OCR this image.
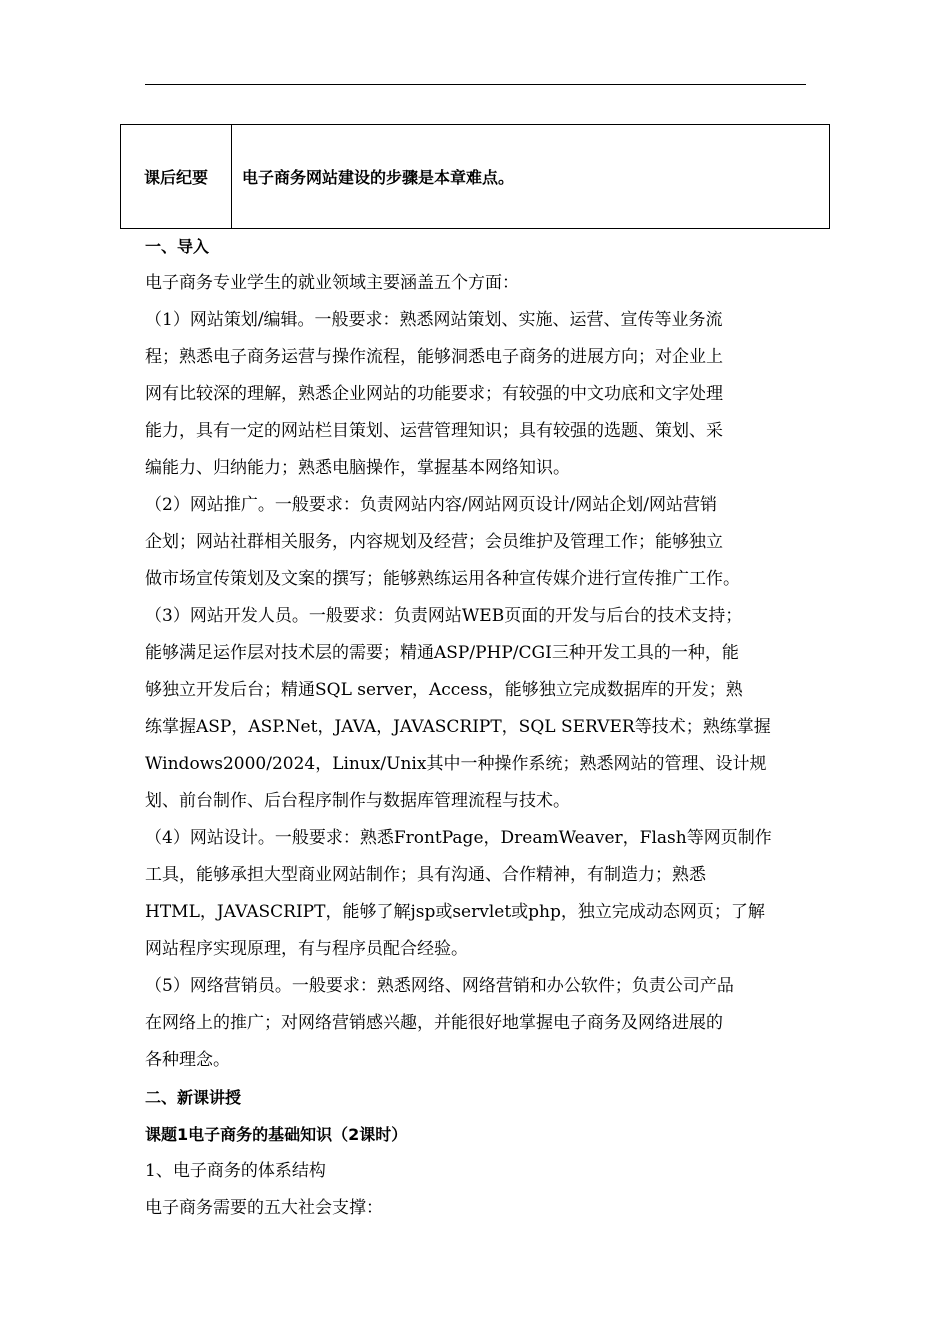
课后纪要	电子商务网站建设的步骤是本章难点。

一、导入

电子商务专业学生的就业领域主要涵盖五个方面：

（1）网站策划/编辑。一般要求：熟悉网站策划、实施、运营、宣传等业务流

程；熟悉电子商务运营与操作流程，能够洞悉电子商务的进展方向；对企业上

网有比较深的理解，熟悉企业网站的功能要求；有较强的中文功底和文字处理

能力，具有一定的网站栏目策划、运营管理知识；具有较强的选题、策划、采

编能力、归纳能力；熟悉电脑操作，掌握基本网络知识。

（2）网站推广。一般要求：负责网站内容/网站网页设计/网站企划/网站营销

企划；网站社群相关服务，内容规划及经营；会员维护及管理工作；能够独立

做市场宣传策划及文案的撰写；能够熟练运用各种宣传媒介进行宣传推广工作。

（3）网站开发人员。一般要求：负责网站WEB页面的开发与后台的技术支持；

能够满足运作层对技术层的需要；精通ASP/PHP/CGI三种开发工具的一种，能

够独立开发后台；精通SQL server，Access，能够独立完成数据库的开发；熟

练掌握ASP，ASP.Net，JAVA，JAVASCRIPT，SQL SERVER等技术；熟练掌握

Windows2000/2024，Linux/Unix其中一种操作系统；熟悉网站的管理、设计规

划、前台制作、后台程序制作与数据库管理流程与技术。

（4）网站设计。一般要求：熟悉FrontPage，DreamWeaver，Flash等网页制作

工具，能够承担大型商业网站制作；具有沟通、合作精神，有制造力；熟悉

HTML，JAVASCRIPT，能够了解jsp或servlet或php，独立完成动态网页；了解

网站程序实现原理，有与程序员配合经验。

（5）网络营销员。一般要求：熟悉网络、网络营销和办公软件；负责公司产品

在网络上的推广；对网络营销感兴趣，并能很好地掌握电子商务及网络进展的

各种理念。

二、新课讲授

课题1电子商务的基础知识（2课时）

1、电子商务的体系结构

电子商务需要的五大社会支撑：
